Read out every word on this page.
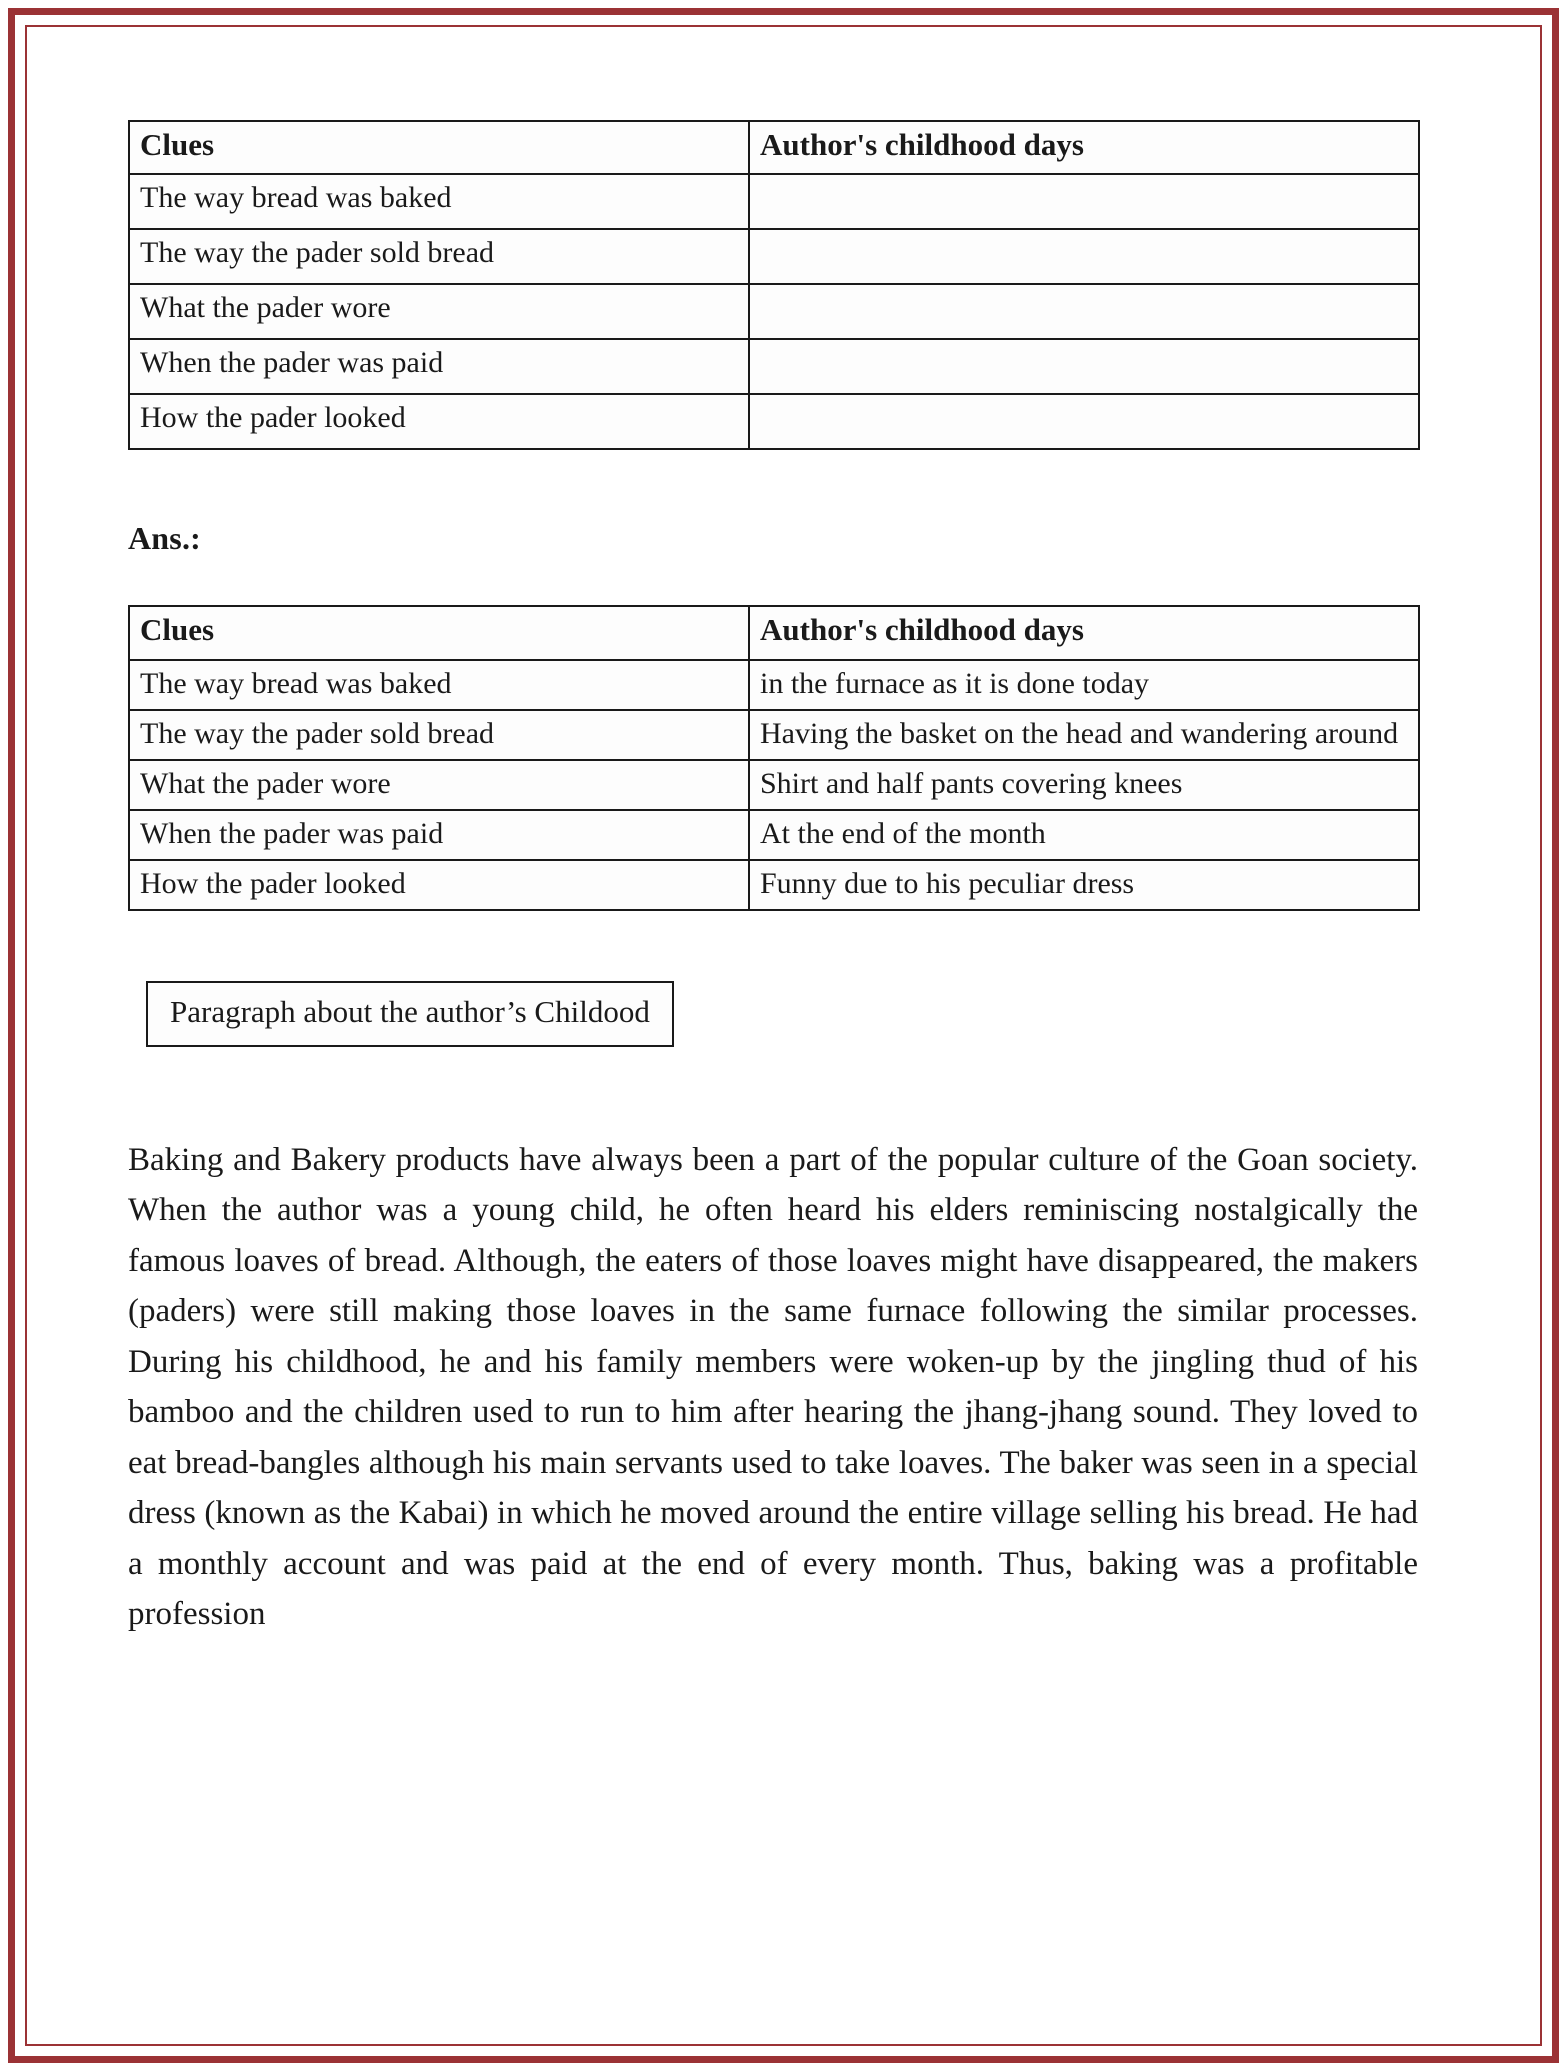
Clues	Author's childhood days
The way bread was baked	
The way the pader sold bread	
What the pader wore	
When the pader was paid	
How the pader looked	
Ans.:
Clues	Author's childhood days
The way bread was baked	in the furnace as it is done today
The way the pader sold bread	Having the basket on the head and wandering around
What the pader wore	Shirt and half pants covering knees
When the pader was paid	At the end of the month
How the pader looked	Funny due to his peculiar dress
Paragraph about the author’s Childood

Baking and Bakery products have always been a part of the popular culture of the Goan society. When the author was a young child, he often heard his elders reminiscing nostalgically the famous loaves of bread. Although, the eaters of those loaves might have disappeared, the makers (paders) were still making those loaves in the same furnace following the similar processes. During his childhood, he and his family members were woken-up by the jingling thud of his bamboo and the children used to run to him after hearing the jhang-jhang sound. They loved to eat bread-bangles although his main servants used to take loaves. The baker was seen in a special dress (known as the Kabai) in which he moved around the entire village selling his bread. He had a monthly account and was paid at the end of every month. Thus, baking was a profitable profession
